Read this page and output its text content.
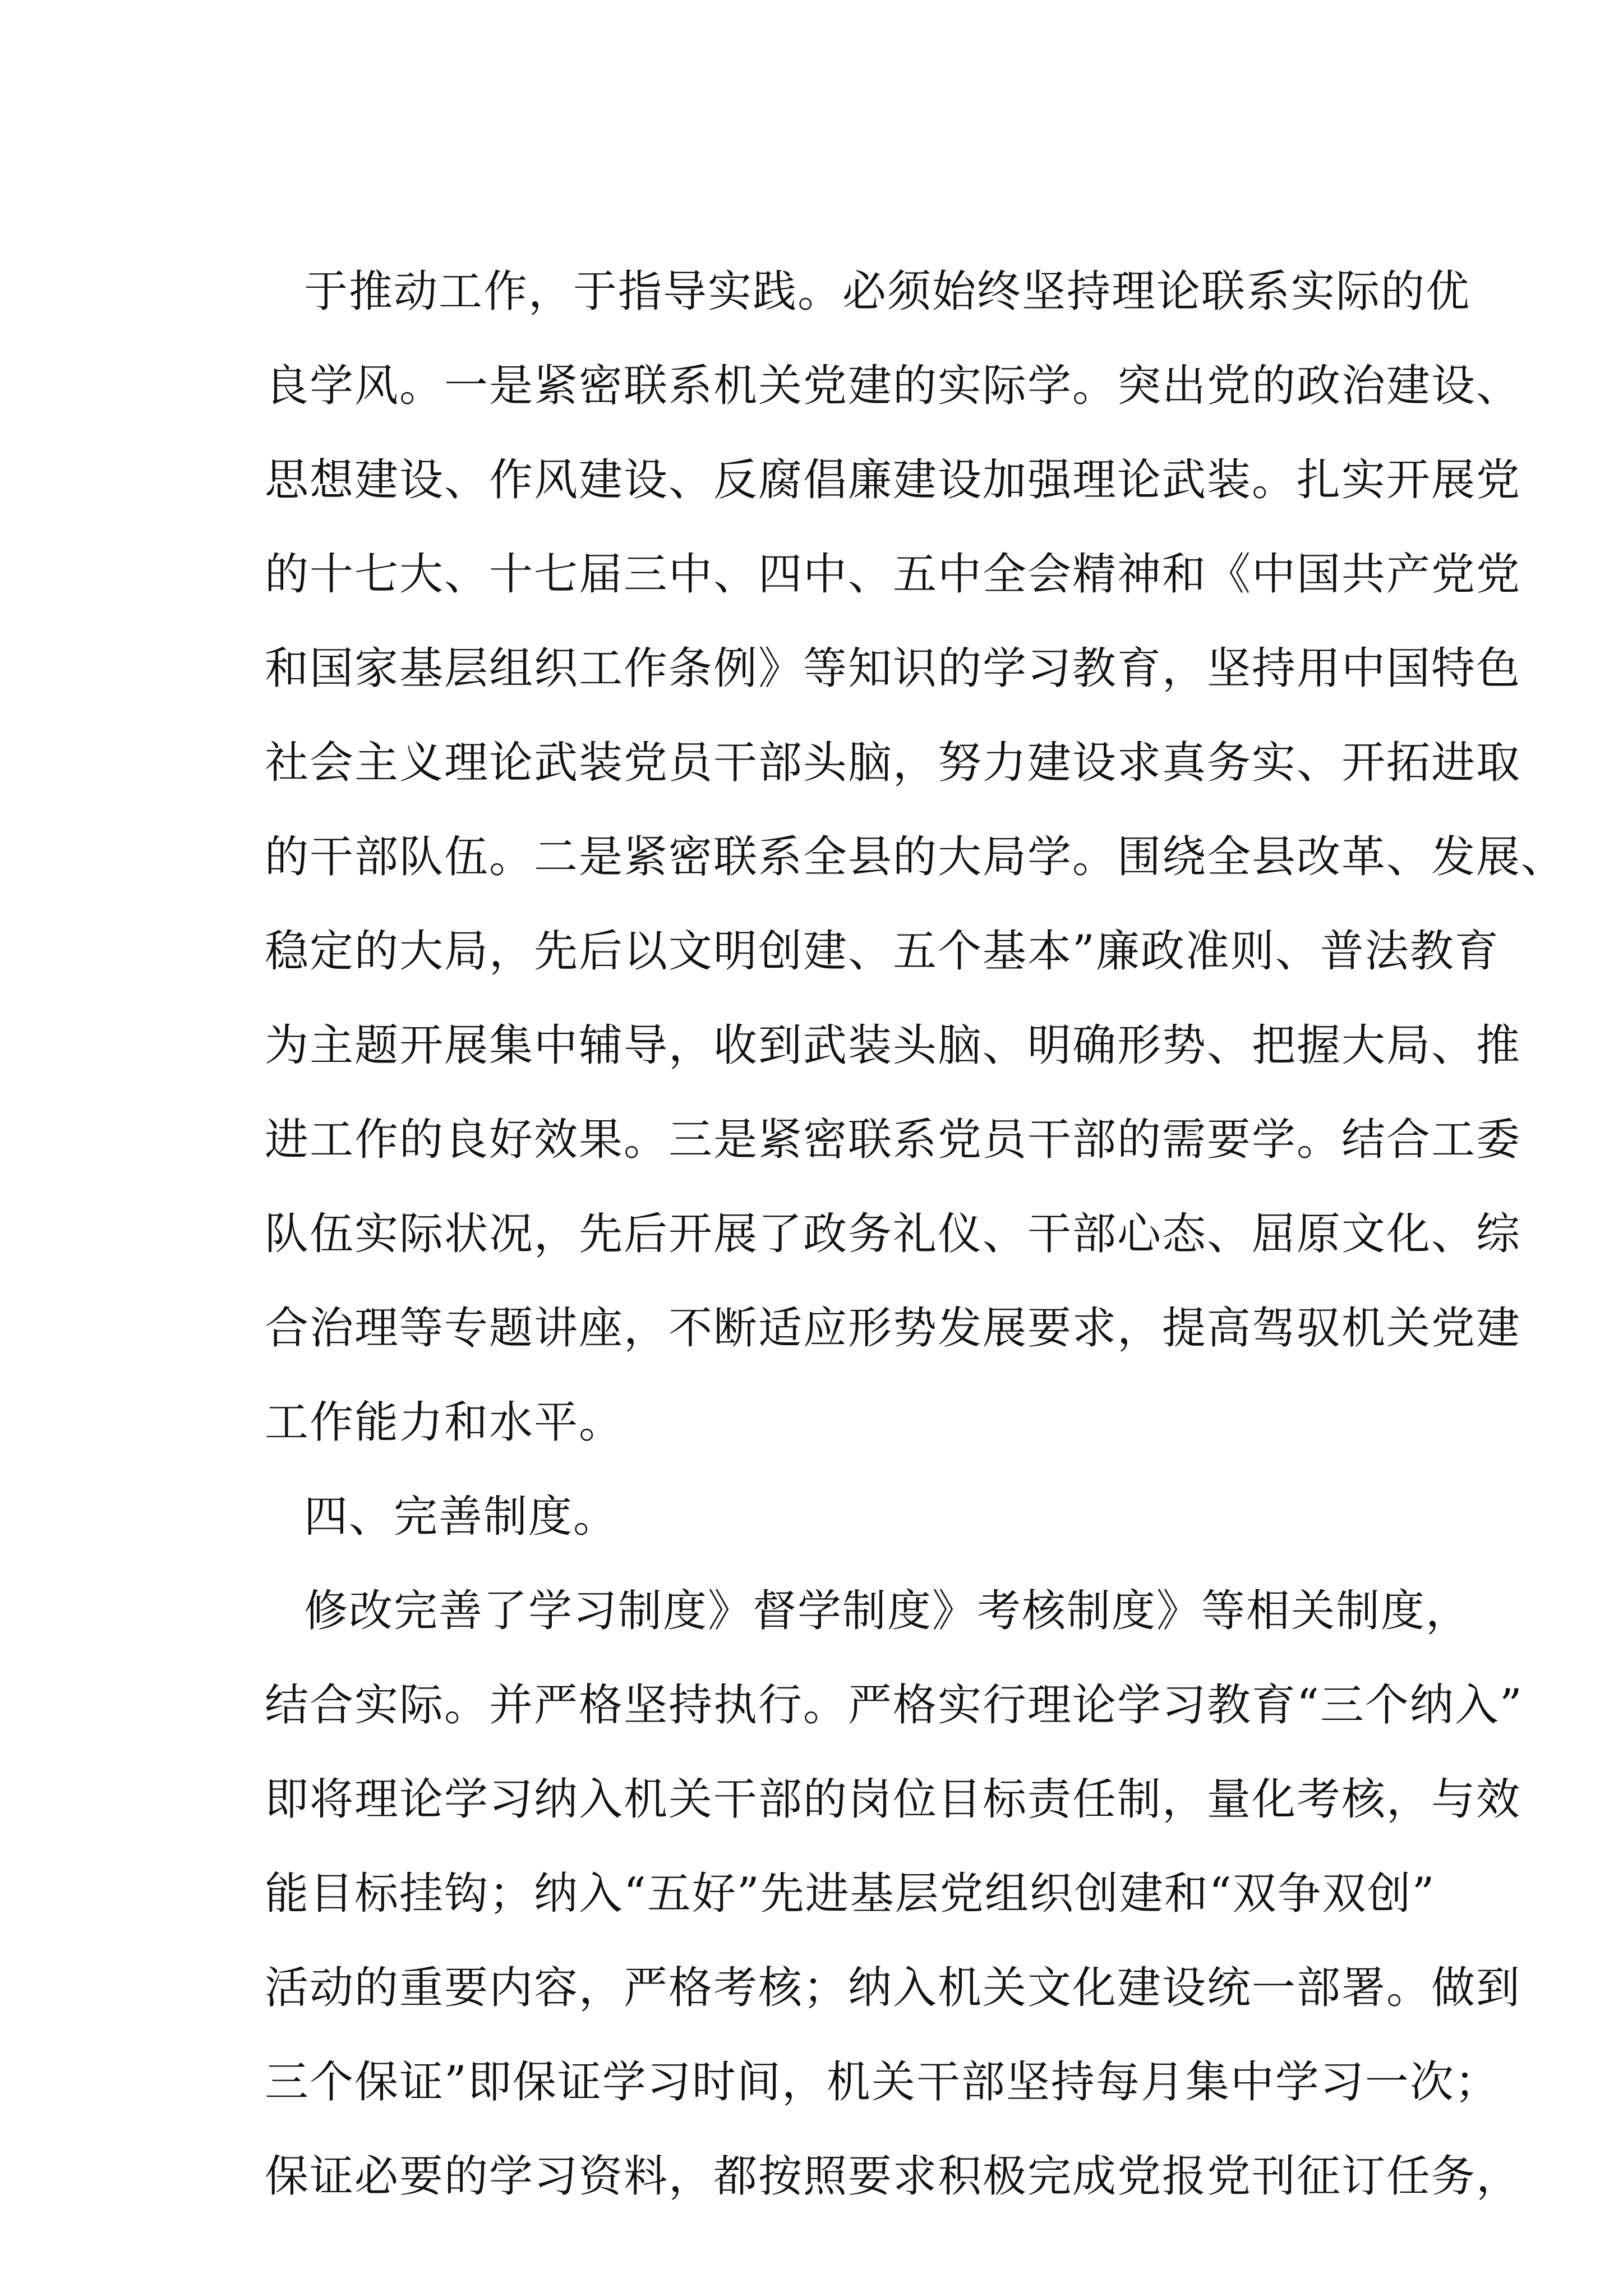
于推动工作，于指导实践。必须始终坚持理论联系实际的优
良学风。一是紧密联系机关党建的实际学。突出党的政治建设、
思想建设、作风建设、反腐倡廉建设加强理论武装。扎实开展党
的十七大、十七届三中、四中、五中全会精神和《中国共产党党
和国家基层组织工作条例》等知识的学习教育，坚持用中国特色
社会主义理论武装党员干部头脑，努力建设求真务实、开拓进取
的干部队伍。二是紧密联系全县的大局学。围绕全县改革、发展、
稳定的大局，先后以文明创建、五个基本”廉政准则、普法教育
为主题开展集中辅导，收到武装头脑、明确形势、把握大局、推
进工作的良好效果。三是紧密联系党员干部的需要学。结合工委
队伍实际状况，先后开展了政务礼仪、干部心态、屈原文化、综
合治理等专题讲座，不断适应形势发展要求，提高驾驭机关党建
工作能力和水平。
四、完善制度。
修改完善了学习制度》督学制度》考核制度》等相关制度，
结合实际。并严格坚持执行。严格实行理论学习教育“三个纳入”
即将理论学习纳入机关干部的岗位目标责任制，量化考核，与效
能目标挂钩；纳入“五好”先进基层党组织创建和“双争双创”
活动的重要内容，严格考核；纳入机关文化建设统一部署。做到
三个保证”即保证学习时间，机关干部坚持每月集中学习一次；
保证必要的学习资料，都按照要求积极完成党报党刊征订任务，
